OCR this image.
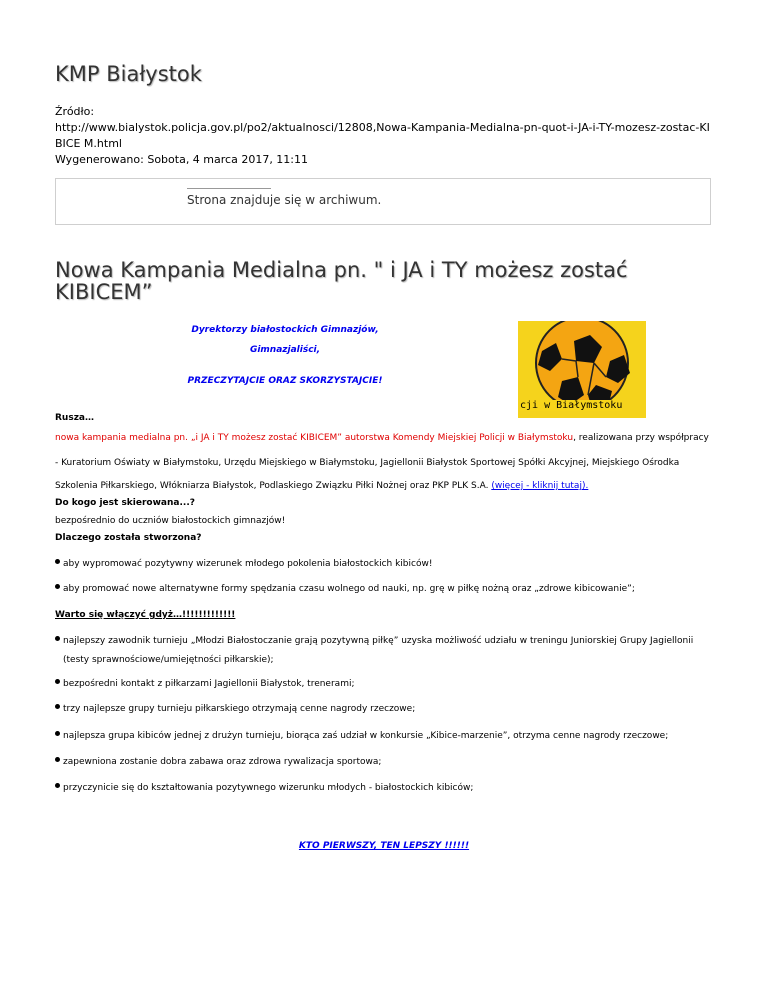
KMP Białystok
Źródło:
http://www.bialystok.policja.gov.pl/po2/aktualnosci/12808,Nowa-Kampania-Medialna-pn-quot-i-JA-i-TY-mozesz-zostac-KIBICE M.html
Wygenerowano: Sobota, 4 marca 2017, 11:11
Strona znajduje się w archiwum.
Nowa Kampania Medialna pn. " i JA i TY możesz zostać KIBICEM”
Dyrektorzy białostockich Gimnazjów,
Gimnazjaliści,
PRZECZYTAJCIE ORAZ SKORZYSTAJCIE!
cji w Białymstoku
Rusza…
nowa kampania medialna pn. „i JA i TY możesz zostać KIBICEM” autorstwa Komendy Miejskiej Policji w Białymstoku, realizowana przy współpracy
- Kuratorium Oświaty w Białymstoku, Urzędu Miejskiego w Białymstoku, Jagiellonii Białystok Sportowej Spółki Akcyjnej, Miejskiego Ośrodka
Szkolenia Piłkarskiego, Włókniarza Białystok, Podlaskiego Związku Piłki Nożnej oraz PKP PLK S.A. (więcej - kliknij tutaj).
Do kogo jest skierowana...?
bezpośrednio do uczniów białostockich gimnazjów!
Dlaczego została stworzona?
aby wypromować pozytywny wizerunek młodego pokolenia białostockich kibiców!
aby promować nowe alternatywne formy spędzania czasu wolnego od nauki, np. grę w piłkę nożną oraz „zdrowe kibicowanie”;
Warto się włączyć gdyż…!!!!!!!!!!!!!
najlepszy zawodnik turnieju „Młodzi Białostoczanie grają pozytywną piłkę” uzyska możliwość udziału w treningu Juniorskiej Grupy Jagiellonii
(testy sprawnościowe/umiejętności piłkarskie);
bezpośredni kontakt z piłkarzami Jagiellonii Białystok, trenerami;
trzy najlepsze grupy turnieju piłkarskiego otrzymają cenne nagrody rzeczowe;
najlepsza grupa kibiców jednej z drużyn turnieju, biorąca zaś udział w konkursie „Kibice-marzenie”, otrzyma cenne nagrody rzeczowe;
zapewniona zostanie dobra zabawa oraz zdrowa rywalizacja sportowa;
przyczynicie się do kształtowania pozytywnego wizerunku młodych - białostockich kibiców;
KTO PIERWSZY, TEN LEPSZY !!!!!!
